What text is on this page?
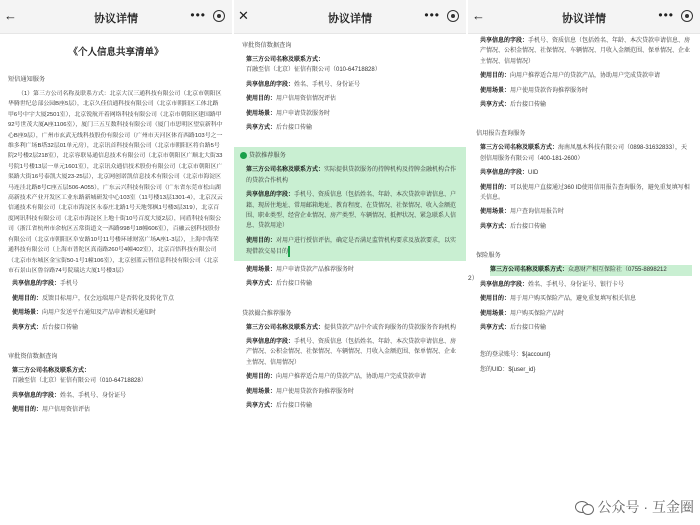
←	协议详情	•••
《个人信息共享清单》
短信通知服务
（1）第三方公司名称及联系方式：北京大汉三通科技有限公司（北京市朝阳区华腾世纪总部公园B座5层），北京久佳信通科技有限公司（北京市朝阳区工体北路甲6号中宇大厦2501室），北京锐航开着网络科技有限公司（北京市朝阳区建国路甲92号世茂大厦A座1106室），厦门三五互数科技有限公司（厦门市思明区望宸新科中心B座9层），广州市玄武无线科技股份有限公司（广州市天河区体育西路103号之一维多利广场B塔32层01单元房），北京讯首科技有限公司（北京市朝阳区将台路5号院2号楼2层218室），北京容联易通信息技术有限公司（北京市朝阳区广顺北大街33号院1号楼13层一单元1601室），北京讯众通信技术股份有限公司（北京市朝阳区广渠路大街16号泰凯大厦23-25层），北京网创诺凯信息技术有限公司（北京市海淀区马连洼北路8号C座五层506-A055），广东云兴科技有限公司（广东省东莞市松山湖高新技术产业开发区工业东路新城研发中心103室（11号楼13层1301-4），北京汉云信通技术有限公司（北京市海淀区永泰庄北路1号天地邻枫1号楼3层319），北京百度网讯科技有限公司（北京市海淀区上地十街10号百度大厦2层），同盾科技有限公司（浙江省杭州市余杭区五常街道文一西路998号18幢606室），百融云创科技股份有限公司（北京市朝阳区阜安路10号11号楼环球财富广场A座1-3层），上海中海荣通科技有限公司（上海市普陀区真南路260号4幢402室），北京百悟科技有限公司（北京市东城区金宝街50-1号1幢106室），北京创蓝云智信息科技有限公司（北京市石景山区鲁谷路74号院瑞达大厦1号楼3层）
共享信息的字段：手机号
使用目的：反馈目标用户，仅会远端用户是否转化及转化节点
使用场景：向用户发送平台通知及产品申请相关通知时
共享方式：后台接口传输
审批资信数据查询
第三方公司名称及联系方式：百融至信（北京）征信有限公司（010-64718828）
共享信息的字段：姓名、手机号、身份证号
使用目的：用户信用资信评估
✕	协议详情	•••
审批资信数据查询
第三方公司名称及联系方式：百融至信（北京）征信有限公司（010-64718828）
共享信息的字段：姓名、手机号、身份证号
使用目的：用户信用资信情况评估
使用场景：用户申请贷款服务时
共享方式：后台接口传输
贷款推荐服务
第三方公司名称及联系方式：实际提供贷款服务的持牌机构及持牌金融机构合作的贷款合作机构
共享信息的字段：手机号、资质信息（包括姓名、年龄、本次贷款申请信息、户籍、现居住地址、常用邮箱地址、教育程度、在贷情况、社保情况、收入金额范围、职业类型、经营企业情况、房产类型、车辆情况、抵押状况、紧急联系人信息、贷款用途）
使用目的：对用户进行授信评估，确定是否满足监管机构要求及放款要求，以实现借款交易目的
使用场景：用户申请贷款产品推荐服务时
共享方式：后台接口传输
贷款撮合推荐服务
第三方公司名称及联系方式：提供贷款产品中介或咨询服务的贷款服务咨询机构
共享信息的字段：手机号、资质信息（包括姓名、年龄、本次贷款申请信息、房产情况、公积金情况、社保情况、车辆情况、月收入金额范围、保单情况、企业主情况、信用情况）
使用目的：向用户推荐适合用户的贷款产品，协助用户完成贷款申请
使用场景：用户使用贷款咨询推荐服务时
共享方式：后台接口传输
←	协议详情	•••
共享信息的字段：手机号、资质信息（包括姓名、年龄、本次贷款申请信息、房产情况、公积金情况、社保情况、车辆情况、月收入金额范围、保单情况、企业主情况、信用情况）
使用目的：向用户推荐适合用户的贷款产品，协助用户完成贷款申请
使用场景：用户使用贷款咨询推荐服务时
共享方式：后台接口传输
信用报告查询服务
第三方公司名称及联系方式：海南凤凰木科技有限公司（0898-31632833），天创信用服务有限公司（400-181-2600）
共享信息的字段：UID
使用目的：可以使用户直接通过360 ID使用信用报告查询服务，避免重复填写相关信息。
使用场景：用户查询信用报告时
共享方式：后台接口传输
保险服务
2）
第三方公司名称及联系方式：众惠财产相互保险社（0755-8898212
共享信息的字段：姓名、手机号、身份证号、银行卡号
使用目的：用于用户购买保险产品，避免重复填写相关信息
使用场景：用户购买保险产品时
共享方式：后台接口传输
您的登录账号：${account}
您的UID：${user_id}
公众号 · 互金圈
